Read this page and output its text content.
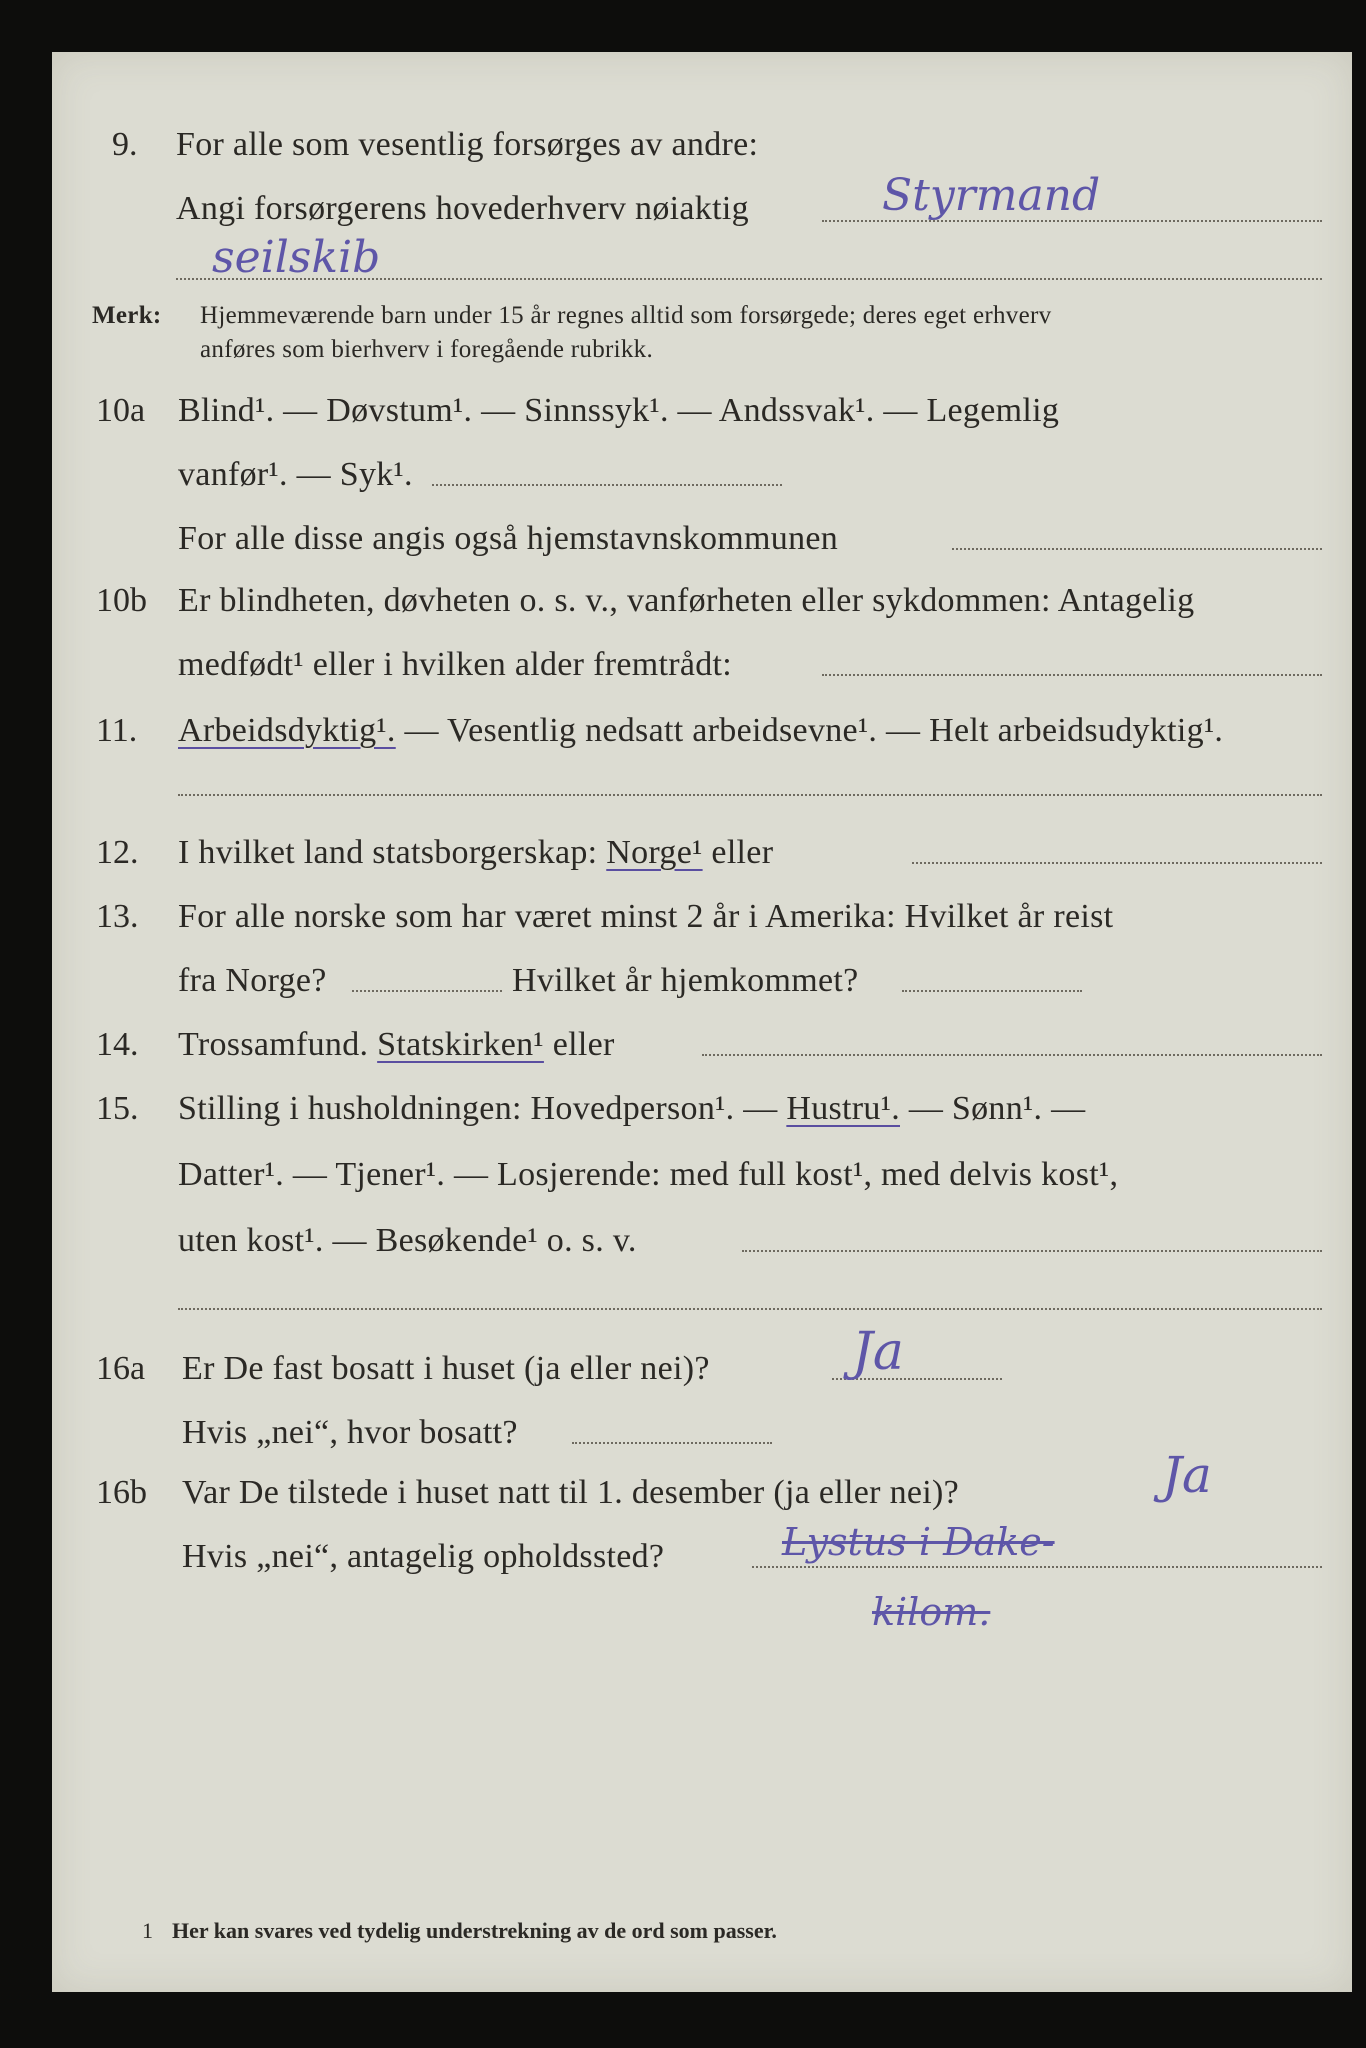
9. For alle som vesentlig forsørges av andre:
Angi forsørgerens hovederhverv nøiaktig	Styrmand
seilskib
Merk: Hjemmeværende barn under 15 år regnes alltid som forsørgede; deres eget erhverv
anføres som bierhverv i foregående rubrikk.
10a Blind¹. — Døvstum¹. — Sinnssyk¹. — Andssvak¹. — Legemlig
vanfør¹. — Syk¹.
For alle disse angis også hjemstavnskommunen
10b Er blindheten, døvheten o. s. v., vanførheten eller sykdommen: Antagelig
medfødt¹ eller i hvilken alder fremtrådt:
11. Arbeidsdyktig¹. — Vesentlig nedsatt arbeidsevne¹. — Helt arbeidsudyktig¹.
12. I hvilket land statsborgerskap: Norge¹ eller
13. For alle norske som har været minst 2 år i Amerika: Hvilket år reist
fra Norge?	Hvilket år hjemkommet?
14. Trossamfund. Statskirken¹ eller
15. Stilling i husholdningen: Hovedperson¹. — Hustru¹. — Sønn¹. —
Datter¹. — Tjener¹. — Losjerende: med full kost¹, med delvis kost¹,
uten kost¹. — Besøkende¹ o. s. v.
16a Er De fast bosatt i huset (ja eller nei)?	Ja
Hvis „nei“, hvor bosatt?
16b Var De tilstede i huset natt til 1. desember (ja eller nei)?	Ja
Hvis „nei“, antagelig opholdssted?	Lystus i Dake-
kilom.
1 Her kan svares ved tydelig understrekning av de ord som passer.
